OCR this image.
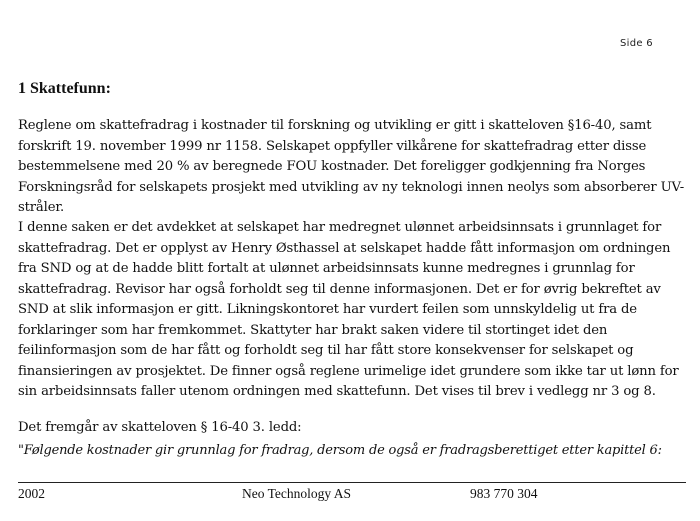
Side 6
1 Skattefunn:

Reglene om skattefradrag i kostnader til forskning og utvikling er gitt i skatteloven §16-40, samt forskrift 19. november 1999 nr 1158. Selskapet oppfyller vilkårene for skattefradrag etter disse bestemmelsene med 20 % av beregnede FOU kostnader. Det foreligger godkjenning fra Norges Forskningsråd for selskapets prosjekt med utvikling av ny teknologi innen neolys som absorberer UV-stråler.

I denne saken er det avdekket at selskapet har medregnet ulønnet arbeidsinnsats i grunnlaget for skattefradrag. Det er opplyst av Henry Østhassel at selskapet hadde fått informasjon om ordningen fra SND og at de hadde blitt fortalt at ulønnet arbeidsinnsats kunne medregnes i grunnlag for skattefradrag. Revisor har også forholdt seg til denne informasjonen. Det er for øvrig bekreftet av SND at slik informasjon er gitt. Likningskontoret har vurdert feilen som unnskyldelig ut fra de forklaringer som har fremkommet. Skattyter har brakt saken videre til stortinget idet den feilinformasjon som de har fått og forholdt seg til har fått store konsekvenser for selskapet og finansieringen av prosjektet. De finner også reglene urimelige idet grundere som ikke tar ut lønn for sin arbeidsinnsats faller utenom ordningen med skattefunn. Det vises til brev i vedlegg nr 3 og 8.

Det fremgår av skatteloven § 16-40 3. ledd:

"Følgende kostnader gir grunnlag for fradrag, dersom de også er fradragsberettiget etter kapittel 6:

2002	Neo Technology AS	983 770 304
